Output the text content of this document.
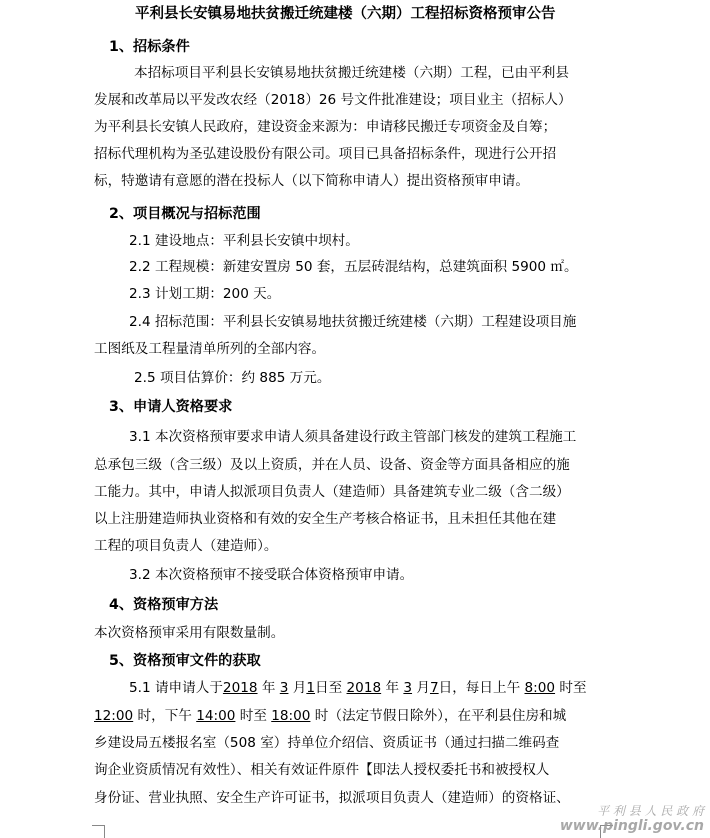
平利县长安镇易地扶贫搬迁统建楼（六期）工程招标资格预审公告
1、招标条件
本招标项目平利县长安镇易地扶贫搬迁统建楼（六期）工程，已由平利县
发展和改革局以平发改农经（2018）26 号文件批准建设；项目业主（招标人）
为平利县长安镇人民政府，建设资金来源为：申请移民搬迁专项资金及自筹；
招标代理机构为圣弘建设股份有限公司。项目已具备招标条件，现进行公开招
标，特邀请有意愿的潜在投标人（以下简称申请人）提出资格预审申请。
2、项目概况与招标范围
2.1 建设地点：平利县长安镇中坝村。
2.2 工程规模：新建安置房 50 套，五层砖混结构，总建筑面积 5900 ㎡。
2.3 计划工期：200 天。
2.4 招标范围：平利县长安镇易地扶贫搬迁统建楼（六期）工程建设项目施
工图纸及工程量清单所列的全部内容。
2.5 项目估算价：约 885 万元。
3、申请人资格要求
3.1 本次资格预审要求申请人须具备建设行政主管部门核发的建筑工程施工
总承包三级（含三级）及以上资质，并在人员、设备、资金等方面具备相应的施
工能力。其中，申请人拟派项目负责人（建造师）具备建筑专业二级（含二级）
以上注册建造师执业资格和有效的安全生产考核合格证书，且未担任其他在建
工程的项目负责人（建造师）。
3.2 本次资格预审不接受联合体资格预审申请。
4、资格预审方法
本次资格预审采用有限数量制。
5、资格预审文件的获取
5.1 请申请人于2018 年 3 月1日至 2018 年 3 月7日，每日上午 8:00 时至
12:00 时，下午 14:00 时至 18:00 时（法定节假日除外），在平利县住房和城
乡建设局五楼报名室（508 室）持单位介绍信、资质证书（通过扫描二维码查
询企业资质情况有效性）、相关有效证件原件【即法人授权委托书和被授权人
身份证、营业执照、安全生产许可证书，拟派项目负责人（建造师）的资格证、
平 利 县 人 民 政 府
www.pingli.gov.cn
